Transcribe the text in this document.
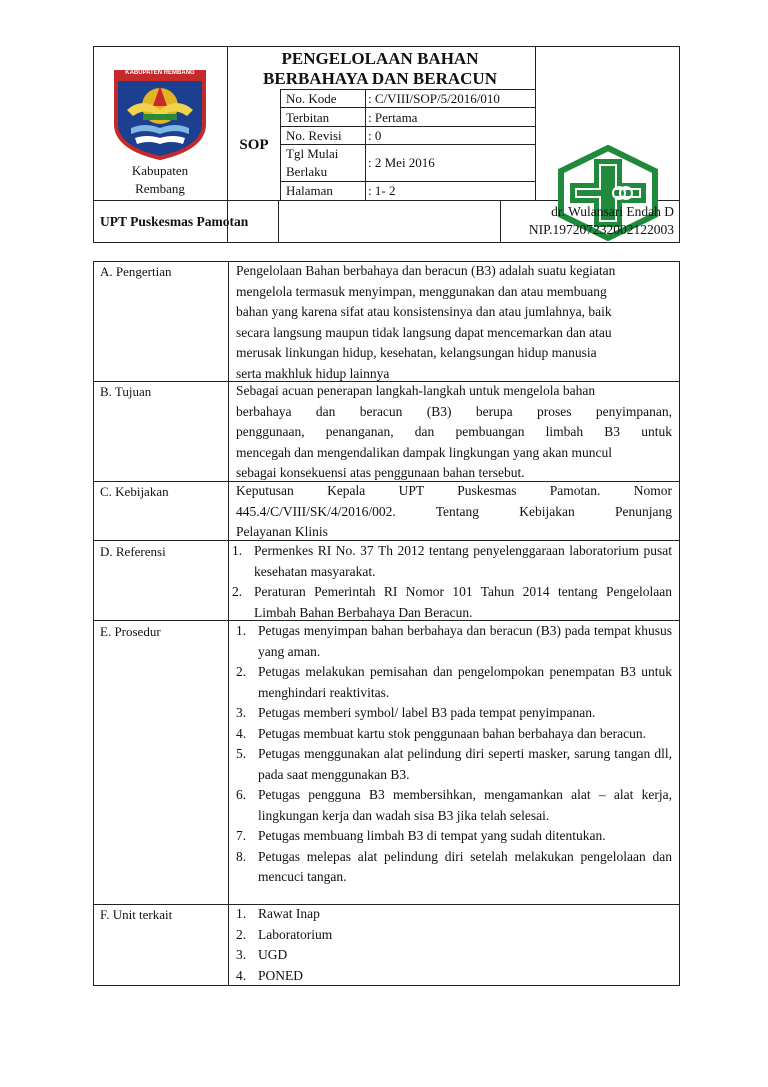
KABUPATEN REMBANG
Kabupaten
Rembang
PENGELOLAAN BAHAN
BERBAHAYA DAN BERACUN
SOP
No. Kode : C/VIII/SOP/5/2016/010
Terbitan	: Pertama
No. Revisi : 0
Tgl Mulai
Berlaku
: 2 Mei 2016
Halaman	: 1- 2
UPT Puskesmas Pamotan
dr. Wulansari Endah D
NIP.197207232002122003
A. Pengertian	Pengelolaan Bahan berbahaya dan beracun (B3) adalah suatu kegiatan
mengelola termasuk menyimpan, menggunakan dan atau membuang
bahan yang karena sifat atau konsistensinya dan atau jumlahnya, baik
secara langsung maupun tidak langsung dapat mencemarkan dan atau
merusak linkungan hidup, kesehatan, kelangsungan hidup manusia
serta makhluk hidup lainnya
B. Tujuan	Sebagai acuan penerapan langkah-langkah untuk mengelola bahan
berbahaya dan beracun (B3) berupa proses penyimpanan,
penggunaan, penanganan, dan pembuangan limbah B3 untuk
mencegah dan mengendalikan dampak lingkungan yang akan muncul
sebagai konsekuensi atas penggunaan bahan tersebut.
C. Kebijakan	Keputusan Kepala UPT Puskesmas Pamotan. Nomor
445.4/C/VIII/SK/4/2016/002. Tentang Kebijakan Penunjang
Pelayanan Klinis
D. Referensi	1. Permenkes RI No. 37 Th 2012 tentang penyelenggaraan laboratorium pusat kesehatan masyarakat.
2. Peraturan Pemerintah RI Nomor 101 Tahun 2014 tentang Pengelolaan Limbah Bahan Berbahaya Dan Beracun.
E. Prosedur	1. Petugas menyimpan bahan berbahaya dan beracun (B3) pada tempat khusus yang aman.
2. Petugas melakukan pemisahan dan pengelompokan penempatan B3 untuk menghindari reaktivitas.
3. Petugas memberi symbol/ label B3 pada tempat penyimpanan.
4. Petugas membuat kartu stok penggunaan bahan berbahaya dan beracun.
5. Petugas menggunakan alat pelindung diri seperti masker, sarung tangan dll, pada saat menggunakan B3.
6. Petugas pengguna B3 membersihkan, mengamankan alat – alat kerja, lingkungan kerja dan wadah sisa B3 jika telah selesai.
7. Petugas membuang limbah B3 di tempat yang sudah ditentukan.
8. Petugas melepas alat pelindung diri setelah melakukan pengelolaan dan mencuci tangan.
F. Unit terkait	1. Rawat Inap
2. Laboratorium
3. UGD
4. PONED
